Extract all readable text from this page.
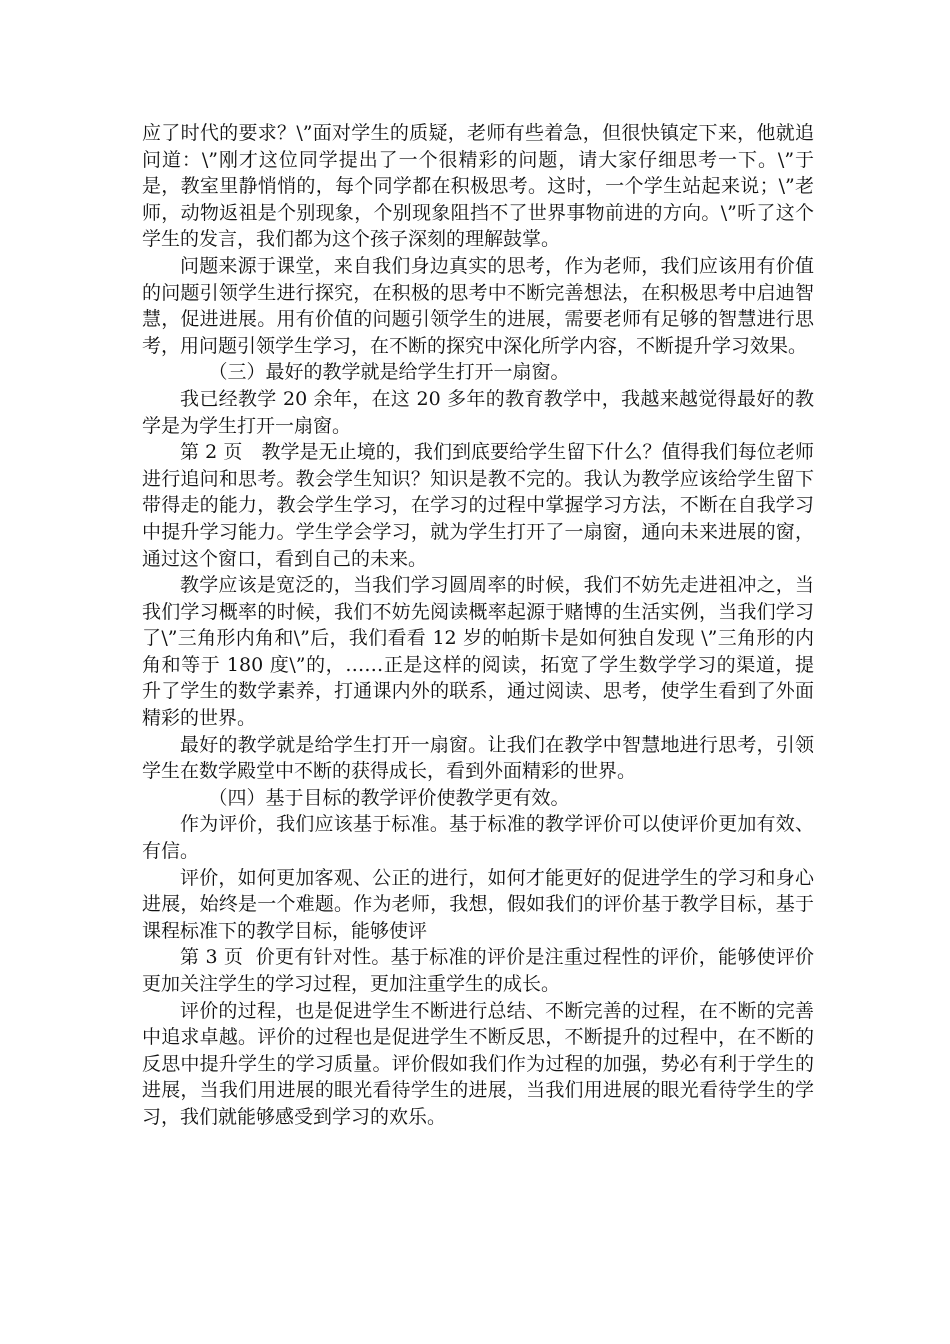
应了时代的要求？\”面对学生的质疑，老师有些着急，但很快镇定下来，他就追问道：\”刚才这位同学提出了一个很精彩的问题，请大家仔细思考一下。\”于是，教室里静悄悄的，每个同学都在积极思考。这时，一个学生站起来说；\”老师，动物返祖是个别现象，个别现象阻挡不了世界事物前进的方向。\”听了这个学生的发言，我们都为这个孩子深刻的理解鼓掌。

问题来源于课堂，来自我们身边真实的思考，作为老师，我们应该用有价值的问题引领学生进行探究，在积极的思考中不断完善想法，在积极思考中启迪智慧，促进进展。用有价值的问题引领学生的进展，需要老师有足够的智慧进行思考，用问题引领学生学习，在不断的探究中深化所学内容，不断提升学习效果。

（三）最好的教学就是给学生打开一扇窗。

我已经教学 20 余年，在这 20 多年的教育教学中，我越来越觉得最好的教学是为学生打开一扇窗。

第 2 页　 教学是无止境的，我们到底要给学生留下什么？值得我们每位老师进行追问和思考。教会学生知识？知识是教不完的。我认为教学应该给学生留下带得走的能力，教会学生学习，在学习的过程中掌握学习方法，不断在自我学习中提升学习能力。学生学会学习，就为学生打开了一扇窗，通向未来进展的窗，通过这个窗口，看到自己的未来。

教学应该是宽泛的，当我们学习圆周率的时候，我们不妨先走进祖冲之，当我们学习概率的时候，我们不妨先阅读概率起源于赌博的生活实例，当我们学习了\”三角形内角和\”后，我们看看 12 岁的帕斯卡是如何独自发现 \”三角形的内角和等于 180 度\”的，……正是这样的阅读，拓宽了学生数学学习的渠道，提升了学生的数学素养，打通课内外的联系，通过阅读、思考，使学生看到了外面精彩的世界。

最好的教学就是给学生打开一扇窗。让我们在教学中智慧地进行思考，引领学生在数学殿堂中不断的获得成长，看到外面精彩的世界。

（四）基于目标的教学评价使教学更有效。

作为评价，我们应该基于标准。基于标准的教学评价可以使评价更加有效、有信。

评价，如何更加客观、公正的进行，如何才能更好的促进学生的学习和身心进展，始终是一个难题。作为老师，我想，假如我们的评价基于教学目标，基于课程标准下的教学目标，能够使评

第 3 页 价更有针对性。基于标准的评价是注重过程性的评价，能够使评价更加关注学生的学习过程，更加注重学生的成长。

评价的过程，也是促进学生不断进行总结、不断完善的过程，在不断的完善中追求卓越。评价的过程也是促进学生不断反思，不断提升的过程中，在不断的反思中提升学生的学习质量。评价假如我们作为过程的加强，势必有利于学生的进展，当我们用进展的眼光看待学生的进展，当我们用进展的眼光看待学生的学习，我们就能够感受到学习的欢乐。
